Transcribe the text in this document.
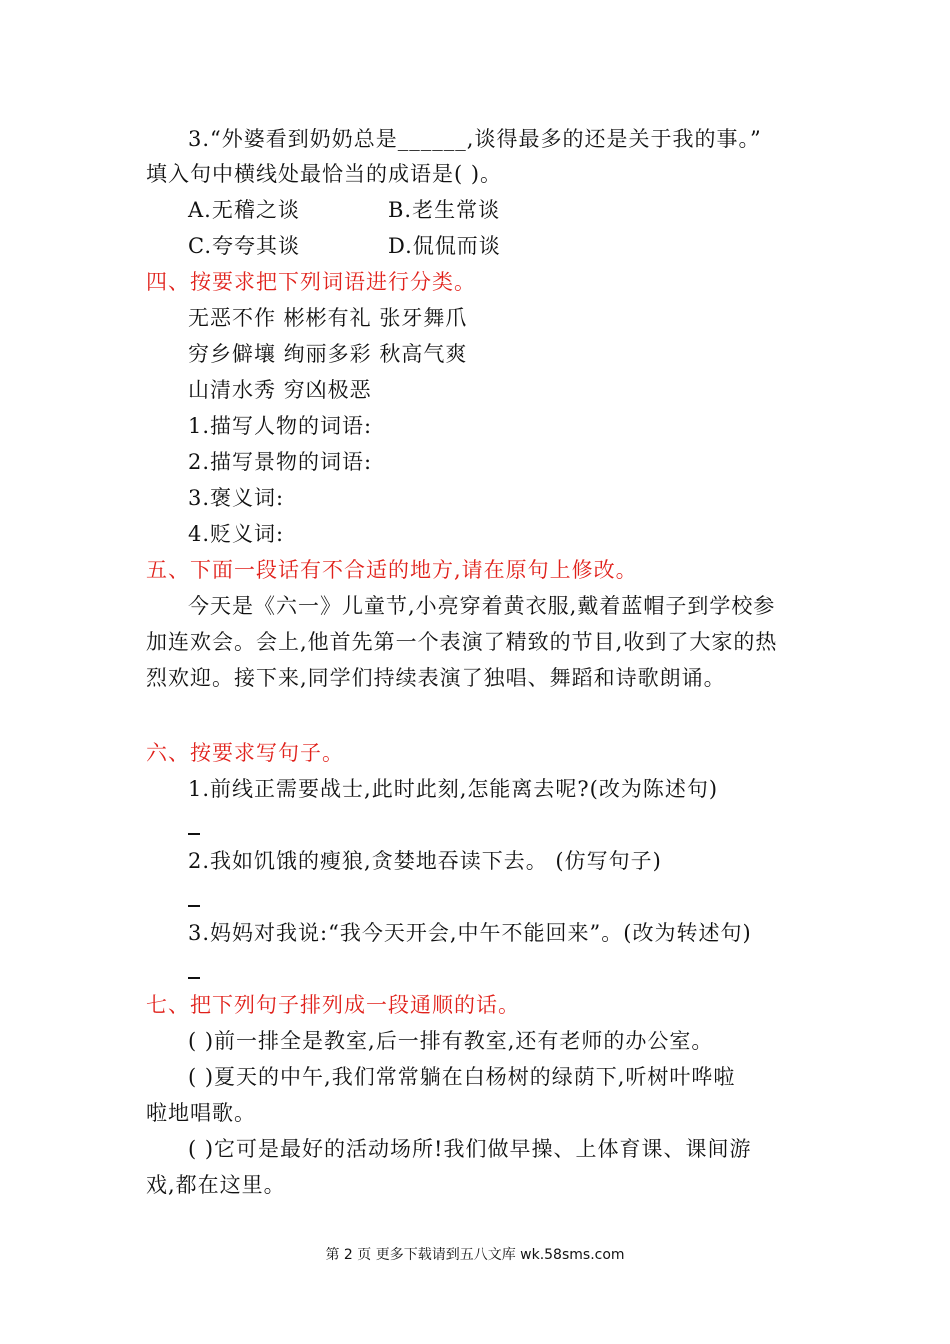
3.“外婆看到奶奶总是______,谈得最多的还是关于我的事。”
填入句中横线处最恰当的成语是( )。
A.无稽之谈	B.老生常谈
C.夸夸其谈	D.侃侃而谈
四、按要求把下列词语进行分类。
无恶不作 彬彬有礼 张牙舞爪
穷乡僻壤 绚丽多彩 秋高气爽
山清水秀 穷凶极恶
1.描写人物的词语:
2.描写景物的词语:
3.褒义词:
4.贬义词:
五、下面一段话有不合适的地方,请在原句上修改。
今天是《六一》儿童节,小亮穿着黄衣服,戴着蓝帽子到学校参
加连欢会。会上,他首先第一个表演了精致的节目,收到了大家的热
烈欢迎。接下来,同学们持续表演了独唱、舞蹈和诗歌朗诵。
六、按要求写句子。
1.前线正需要战士,此时此刻,怎能离去呢?(改为陈述句)
2.我如饥饿的瘦狼,贪婪地吞读下去。 (仿写句子)
3.妈妈对我说:“我今天开会,中午不能回来”。(改为转述句)
七、把下列句子排列成一段通顺的话。
( )前一排全是教室,后一排有教室,还有老师的办公室。
( )夏天的中午,我们常常躺在白杨树的绿荫下,听树叶哗啦
啦地唱歌。
( )它可是最好的活动场所!我们做早操、上体育课、课间游
戏,都在这里。
第 2 页 更多下载请到五八文库 wk.58sms.com
